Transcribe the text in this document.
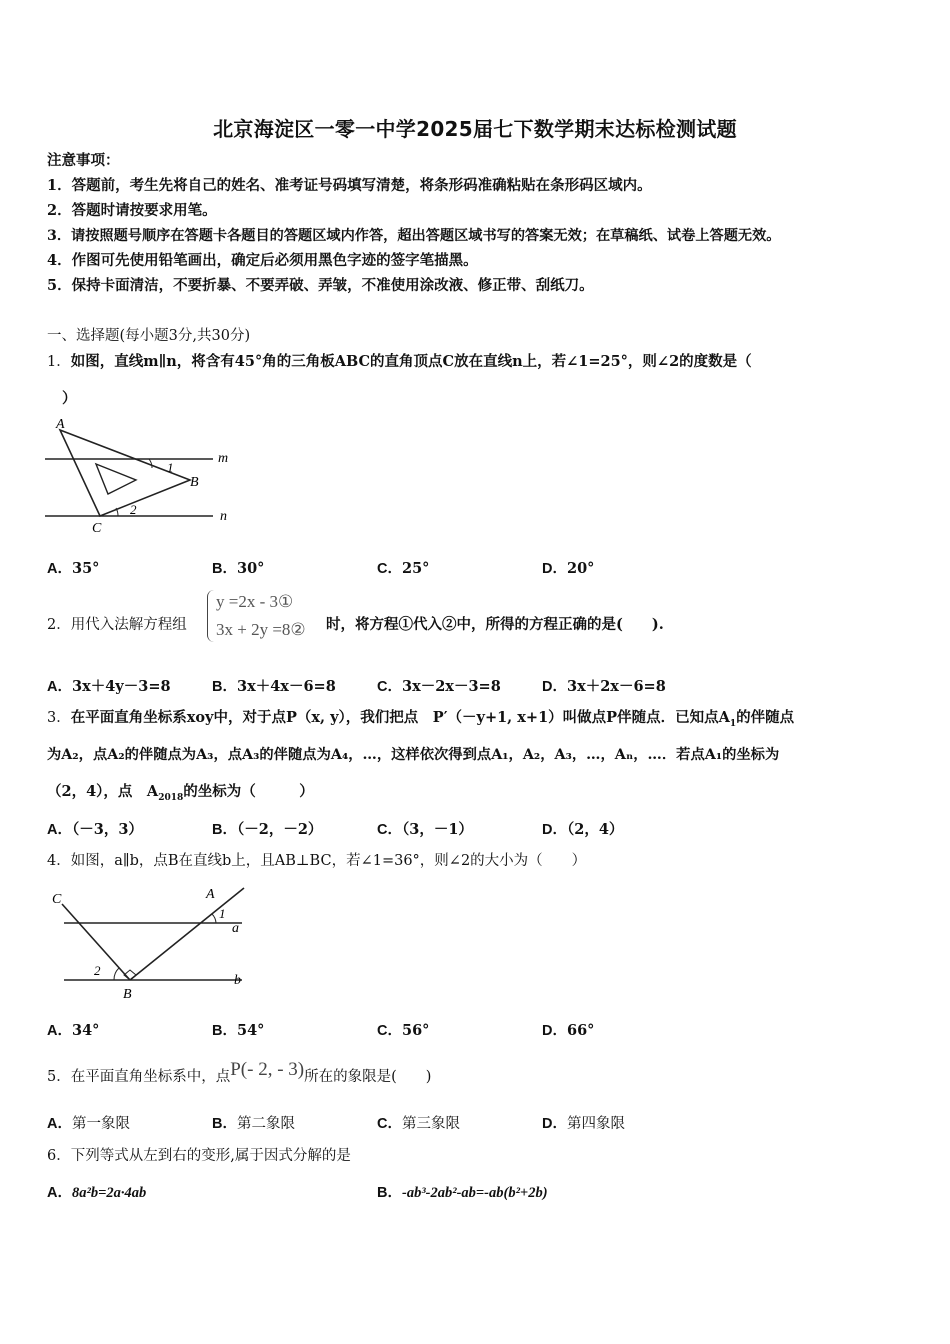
北京海淀区一零一中学2025届七下数学期末达标检测试题
注意事项：
1．答题前，考生先将自己的姓名、准考证号码填写清楚，将条形码准确粘贴在条形码区域内。
2．答题时请按要求用笔。
3．请按照题号顺序在答题卡各题目的答题区域内作答，超出答题区域书写的答案无效；在草稿纸、试卷上答题无效。
4．作图可先使用铅笔画出，确定后必须用黑色字迹的签字笔描黑。
5．保持卡面清洁，不要折暴、不要弄破、弄皱，不准使用涂改液、修正带、刮纸刀。
一、选择题(每小题3分,共30分)
1．如图，直线m∥n，将含有45°角的三角板ABC的直角顶点C放在直线n上，若∠1=25°，则∠2的度数是（
）
A
B
C
m
n
1
2
A．35°	B．30°	C．25°	D．20°
2．用代入法解方程组
y =2x - 3①
3x + 2y =8② 时，将方程①代入②中，所得的方程正确的是(　　).
A．3x＋4y－3=8	B．3x＋4x－6=8	C．3x－2x－3=8	D．3x＋2x－6=8
3．在平面直角坐标系xoy中，对于点P（x, y），我们把点　P′（－y+1, x+1）叫做点P伴随点．已知点$A_1$的伴随点
为A₂，点A₂的伴随点为A₃，点A₃的伴随点为A₄，…，这样依次得到点A₁，A₂，A₃，…，Aₙ，…．若点A₁的坐标为
（2，4），点　$A_{2018}$的坐标为（　　　）
A．（－3，3）	B．（－2，－2）	C．（3，－1）	D．（2，4）
4．如图，a∥b，点B在直线b上，且AB⊥BC，若∠1=36°，则∠2的大小为（　　）
C	A
B
a
b
1
2
A．34°	B．54°	C．56°	D．66°
5．在平面直角坐标系中，点P(- 2, - 3)所在的象限是(　　)
A．第一象限	B．第二象限	C．第三象限	D．第四象限
6．下列等式从左到右的变形,属于因式分解的是
A．8a²b=2a·4ab	B．-ab³-2ab²-ab=-ab(b²+2b)
